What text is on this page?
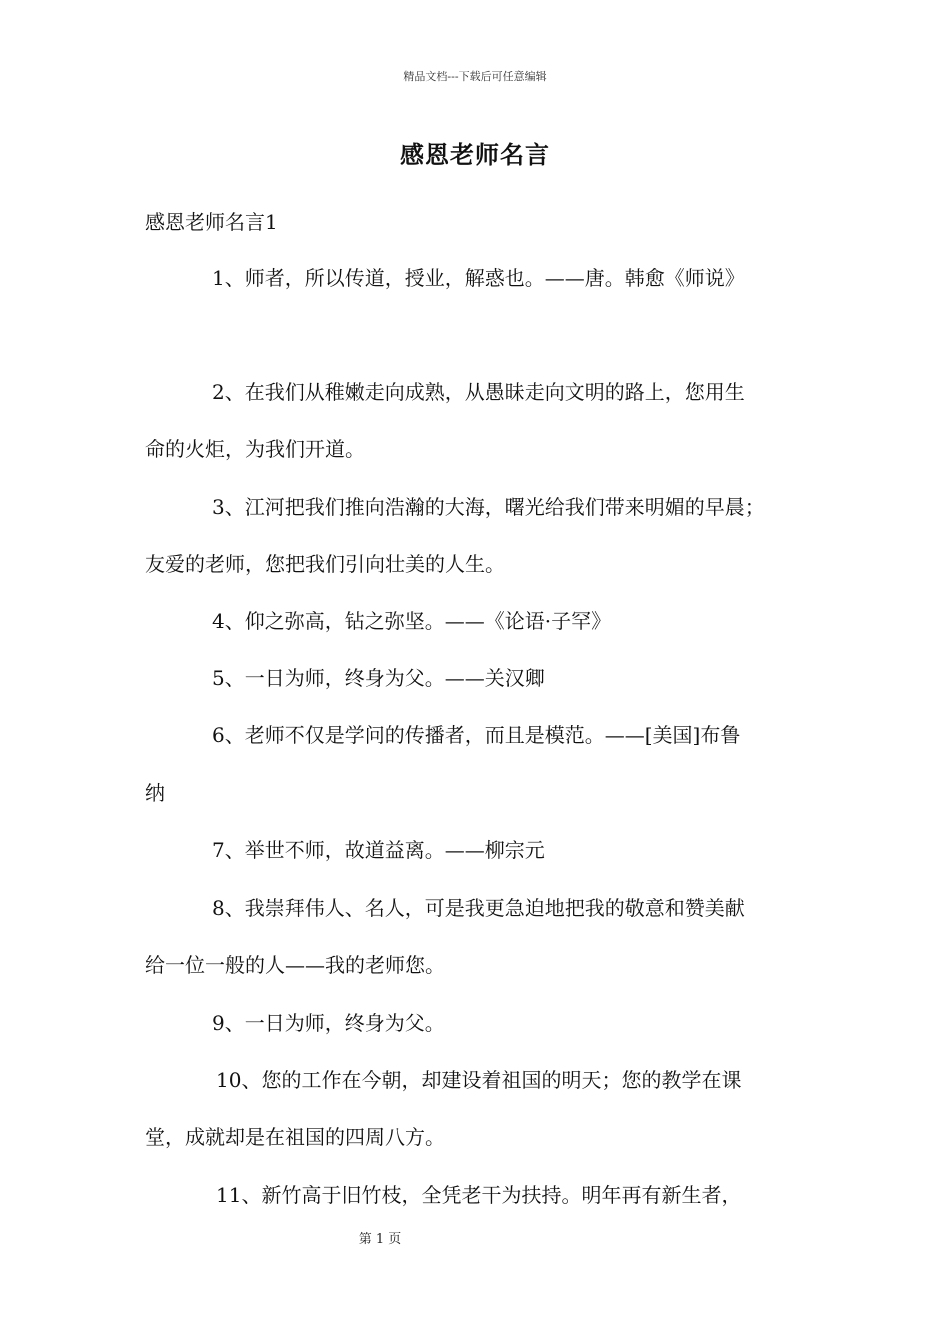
精品文档---下载后可任意编辑
感恩老师名言
感恩老师名言1
1、师者，所以传道，授业，解惑也。——唐。韩愈《师说》
2、在我们从稚嫩走向成熟，从愚昧走向文明的路上，您用生
命的火炬，为我们开道。
3、江河把我们推向浩瀚的大海，曙光给我们带来明媚的早晨；
友爱的老师，您把我们引向壮美的人生。
4、仰之弥高，钻之弥坚。——《论语·子罕》
5、一日为师，终身为父。——关汉卿
6、老师不仅是学问的传播者，而且是模范。——[美国]布鲁
纳
7、举世不师，故道益离。——柳宗元
8、我崇拜伟人、名人，可是我更急迫地把我的敬意和赞美献
给一位一般的人——我的老师您。
9、一日为师，终身为父。
10、您的工作在今朝，却建设着祖国的明天；您的教学在课
堂，成就却是在祖国的四周八方。
11、新竹高于旧竹枝，全凭老干为扶持。明年再有新生者，
第 1 页
